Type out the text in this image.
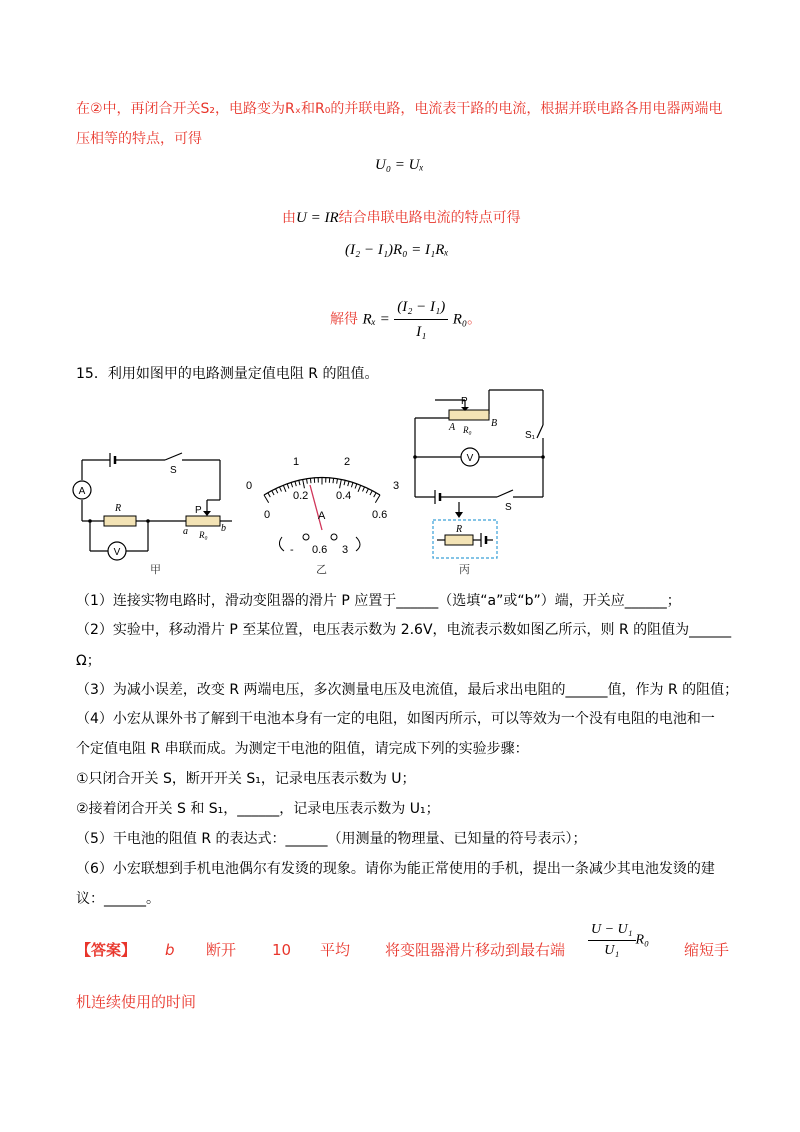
在②中，再闭合开关S₂，电路变为Rₓ和R₀的并联电路，电流表干路的电流，根据并联电路各用电器两端电
压相等的特点，可得
U₀ = Uₓ
由U = IR结合串联电路电流的特点可得
(I₂ − I₁)R₀ = I₁Rₓ
解得 $R_x = \frac{\text{(I₂ − I₁)}}{\text{I₁}} R_0$。
15．利用如图甲的电路测量定值电阻 R 的阻值。
A
V
S
R	P
a R₀
b
甲
0
1	2
3
0
0.2	0.4
0.6
A
- 0.6 3
乙
P
A	B
R₀	S₁
V
S
R
丙
（1）连接实物电路时，滑动变阻器的滑片 P 应置于______（选填“a”或“b”）端，开关应______；
（2）实验中，移动滑片 P 至某位置，电压表示数为 2.6V，电流表示数如图乙所示，则 R 的阻值为______
Ω；
（3）为减小误差，改变 R 两端电压，多次测量电压及电流值，最后求出电阻的______值，作为 R 的阻值；
（4）小宏从课外书了解到干电池本身有一定的电阻，如图丙所示，可以等效为一个没有电阻的电池和一
个定值电阻 R 串联而成。为测定干电池的阻值，请完成下列的实验步骤：
①只闭合开关 S，断开开关 S₁，记录电压表示数为 U；
②接着闭合开关 S 和 S₁，______，记录电压表示数为 U₁；
（5）干电池的阻值 R 的表达式：______（用测量的物理量、已知量的符号表示）；
（6）小宏联想到手机电池偶尔有发烫的现象。请你为能正常使用的手机，提出一条减少其电池发烫的建
议：______。
【答案】 b 断开 10 平均 将变阻器滑片移动到最右端 $\frac{\text{U − U₁}}{\text{U₁}} R_0$
缩短手
机连续使用的时间
